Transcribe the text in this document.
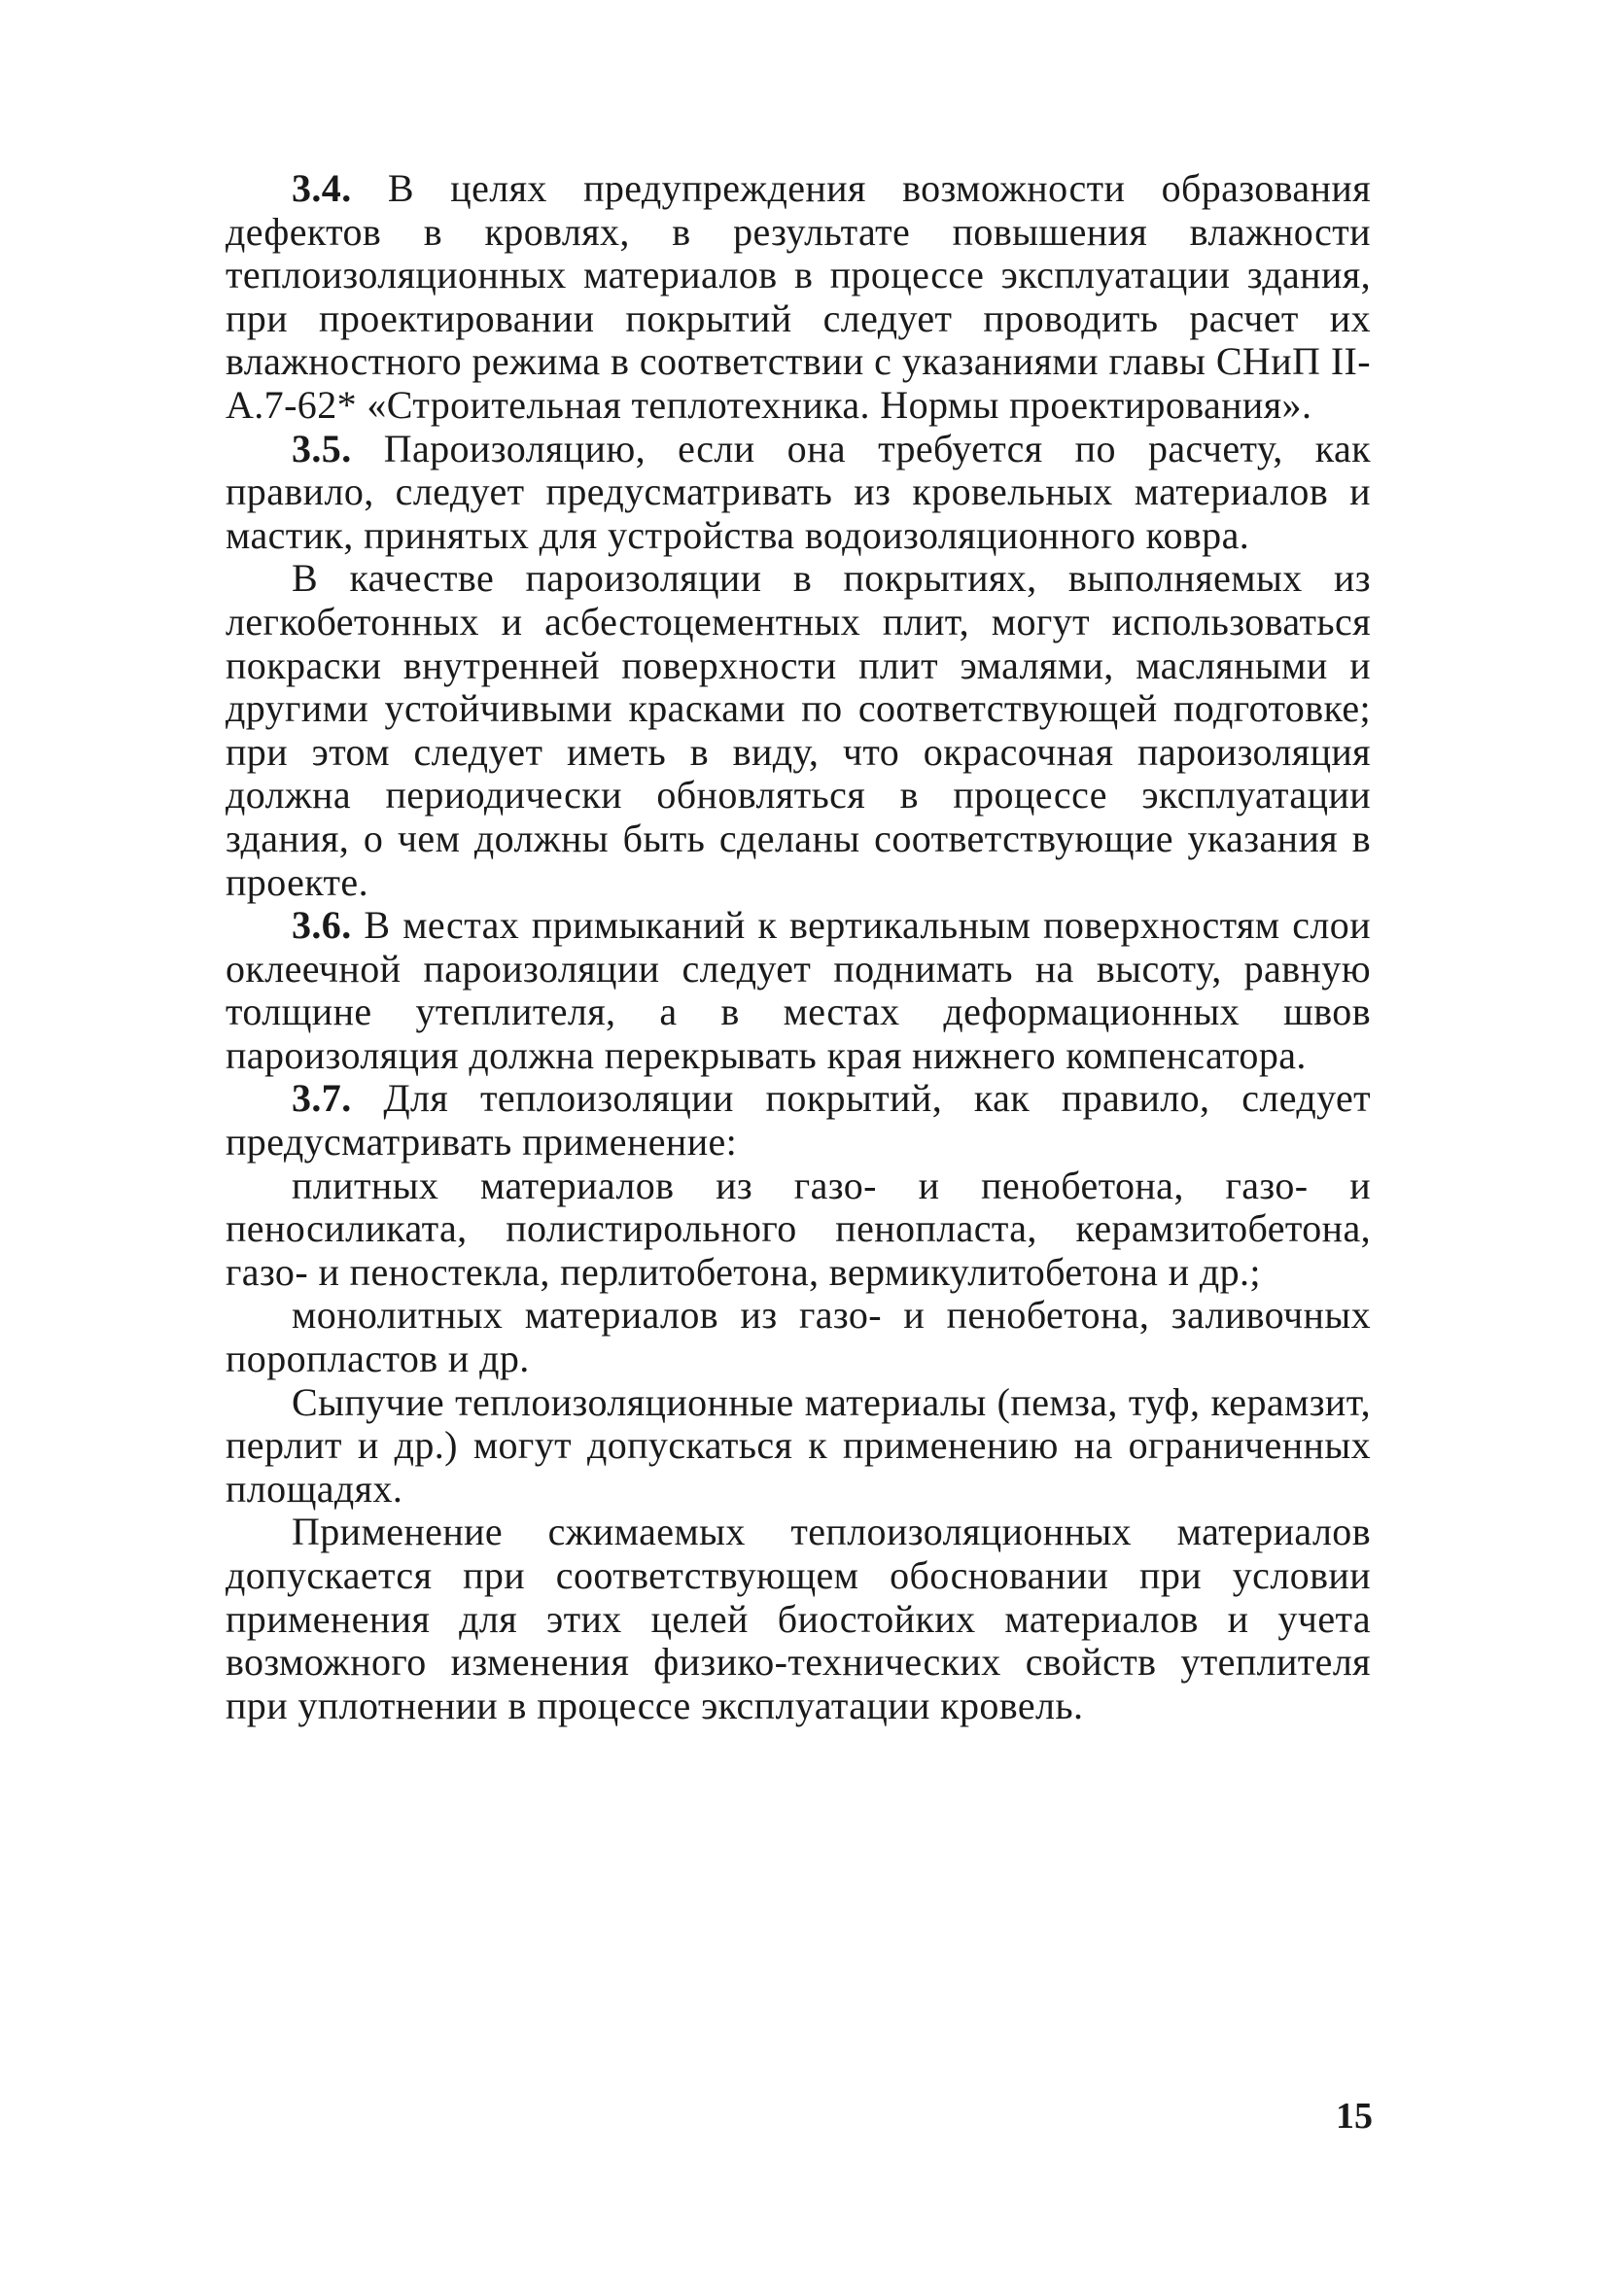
3.4. В целях предупреждения возможности образования дефектов в кровлях, в результате повышения влажности теплоизоляционных материалов в процессе эксплуатации здания, при проектировании покрытий следует проводить расчет их влажностного режима в соответствии с указаниями главы СНиП II-А.7-62* «Строительная теплотехника. Нормы проектирования».

3.5. Пароизоляцию, если она требуется по расчету, как правило, следует предусматривать из кровельных материалов и мастик, принятых для устройства водоизоляционного ковра.

В качестве пароизоляции в покрытиях, выполняемых из легкобетонных и асбестоцементных плит, могут использоваться покраски внутренней поверхности плит эмалями, масляными и другими устойчивыми красками по соответствующей подготовке; при этом следует иметь в виду, что окрасочная пароизоляция должна периодически обновляться в процессе эксплуатации здания, о чем должны быть сделаны соответствующие указания в проекте.

3.6. В местах примыканий к вертикальным поверхностям слои оклеечной пароизоляции следует поднимать на высоту, равную толщине утеплителя, а в местах деформационных швов пароизоляция должна перекрывать края нижнего компенсатора.

3.7. Для теплоизоляции покрытий, как правило, следует предусматривать применение:

плитных материалов из газо- и пенобетона, газо- и пеносиликата, полистирольного пенопласта, керамзитобетона, газо- и пеностекла, перлитобетона, вермикулитобетона и др.;

монолитных материалов из газо- и пенобетона, заливочных поропластов и др.

Сыпучие теплоизоляционные материалы (пемза, туф, керамзит, перлит и др.) могут допускаться к применению на ограниченных площадях.

Применение сжимаемых теплоизоляционных материалов допускается при соответствующем обосновании при условии применения для этих целей биостойких материалов и учета возможного изменения физико-технических свойств утеплителя при уплотнении в процессе эксплуатации кровель.

15
